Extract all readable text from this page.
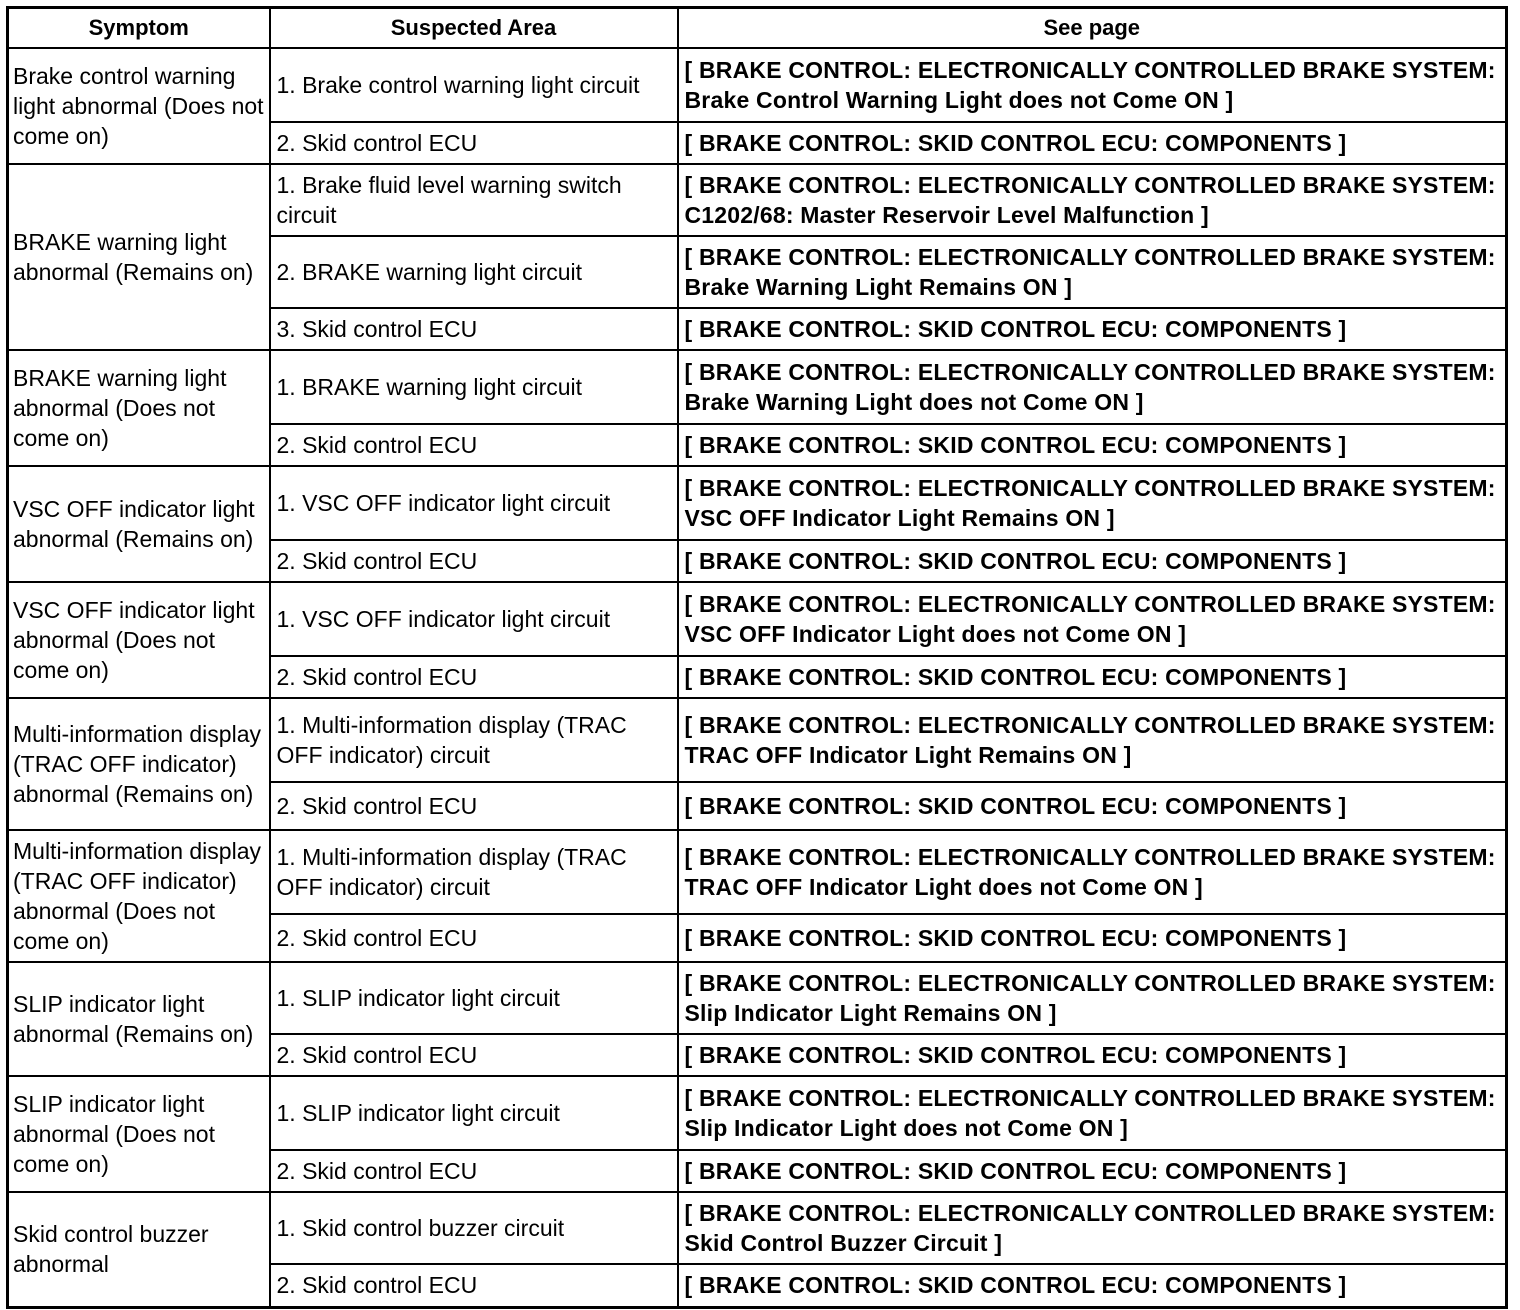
Symptom	Suspected Area	See page
Brake control warning light abnormal (Does not come on)	1. Brake control warning light circuit	[ BRAKE CONTROL: ELECTRONICALLY CONTROLLED BRAKE SYSTEM: Brake Control Warning Light does not Come ON ]
	2. Skid control ECU	[ BRAKE CONTROL: SKID CONTROL ECU: COMPONENTS ]
BRAKE warning light abnormal (Remains on)	1. Brake fluid level warning switch circuit	[ BRAKE CONTROL: ELECTRONICALLY CONTROLLED BRAKE SYSTEM: C1202/68: Master Reservoir Level Malfunction ]
	2. BRAKE warning light circuit	[ BRAKE CONTROL: ELECTRONICALLY CONTROLLED BRAKE SYSTEM: Brake Warning Light Remains ON ]
	3. Skid control ECU	[ BRAKE CONTROL: SKID CONTROL ECU: COMPONENTS ]
BRAKE warning light abnormal (Does not come on)	1. BRAKE warning light circuit	[ BRAKE CONTROL: ELECTRONICALLY CONTROLLED BRAKE SYSTEM: Brake Warning Light does not Come ON ]
	2. Skid control ECU	[ BRAKE CONTROL: SKID CONTROL ECU: COMPONENTS ]
VSC OFF indicator light abnormal (Remains on)	1. VSC OFF indicator light circuit	[ BRAKE CONTROL: ELECTRONICALLY CONTROLLED BRAKE SYSTEM: VSC OFF Indicator Light Remains ON ]
	2. Skid control ECU	[ BRAKE CONTROL: SKID CONTROL ECU: COMPONENTS ]
VSC OFF indicator light abnormal (Does not come on)	1. VSC OFF indicator light circuit	[ BRAKE CONTROL: ELECTRONICALLY CONTROLLED BRAKE SYSTEM: VSC OFF Indicator Light does not Come ON ]
	2. Skid control ECU	[ BRAKE CONTROL: SKID CONTROL ECU: COMPONENTS ]
Multi-information display (TRAC OFF indicator) abnormal (Remains on)	1. Multi-information display (TRAC OFF indicator) circuit	[ BRAKE CONTROL: ELECTRONICALLY CONTROLLED BRAKE SYSTEM: TRAC OFF Indicator Light Remains ON ]
	2. Skid control ECU	[ BRAKE CONTROL: SKID CONTROL ECU: COMPONENTS ]
Multi-information display (TRAC OFF indicator) abnormal (Does not come on)	1. Multi-information display (TRAC OFF indicator) circuit	[ BRAKE CONTROL: ELECTRONICALLY CONTROLLED BRAKE SYSTEM: TRAC OFF Indicator Light does not Come ON ]
	2. Skid control ECU	[ BRAKE CONTROL: SKID CONTROL ECU: COMPONENTS ]
SLIP indicator light abnormal (Remains on)	1. SLIP indicator light circuit	[ BRAKE CONTROL: ELECTRONICALLY CONTROLLED BRAKE SYSTEM: Slip Indicator Light Remains ON ]
	2. Skid control ECU	[ BRAKE CONTROL: SKID CONTROL ECU: COMPONENTS ]
SLIP indicator light abnormal (Does not come on)	1. SLIP indicator light circuit	[ BRAKE CONTROL: ELECTRONICALLY CONTROLLED BRAKE SYSTEM: Slip Indicator Light does not Come ON ]
	2. Skid control ECU	[ BRAKE CONTROL: SKID CONTROL ECU: COMPONENTS ]
Skid control buzzer abnormal	1. Skid control buzzer circuit	[ BRAKE CONTROL: ELECTRONICALLY CONTROLLED BRAKE SYSTEM: Skid Control Buzzer Circuit ]
	2. Skid control ECU	[ BRAKE CONTROL: SKID CONTROL ECU: COMPONENTS ]
